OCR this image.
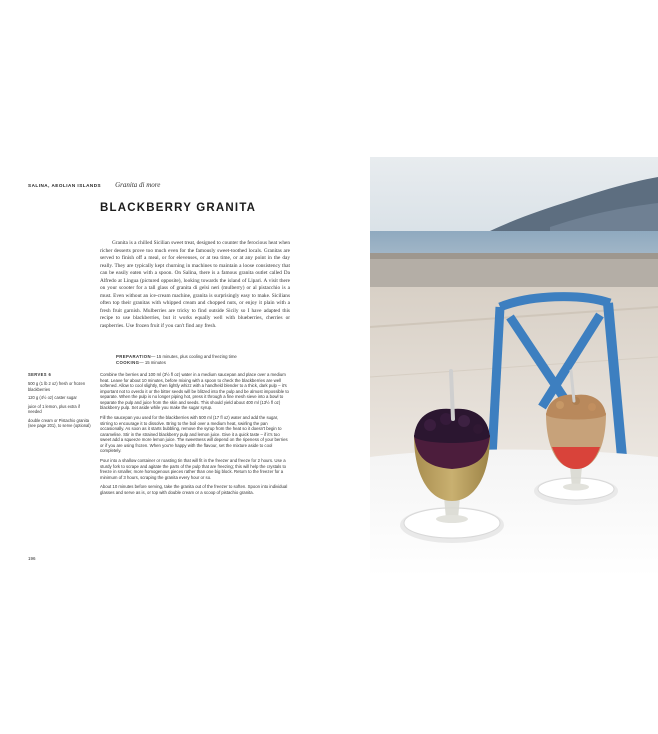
SALINA, AEOLIAN ISLANDS Granita di more
BLACKBERRY GRANITA

Granita is a chilled Sicilian sweet treat, designed to counter the ferocious heat when richer desserts prove too much even for the famously sweet-toothed locals. Granitas are served to finish off a meal, or for elevenses, or at tea time, or at any point in the day really. They are typically kept churning in machines to maintain a loose consistency that can be easily eaten with a spoon. On Salina, there is a famous granita outlet called Da Alfredo at Lingua (pictured opposite), looking towards the island of Lipari. A visit there on your scooter for a tall glass of granita di gelsi neri (mulberry) or al pistacchio is a must. Even without an ice-cream machine, granita is surprisingly easy to make. Sicilians often top their granitas with whipped cream and chopped nuts, or enjoy it plain with a fresh fruit garnish. Mulberries are tricky to find outside Sicily so I have adapted this recipe to use blackberries, but it works equally well with blueberries, cherries or raspberries. Use frozen fruit if you can't find any fresh.

PREPARATION— 15 minutes, plus cooling and freezing time
COOKING— 15 minutes
SERVES 6
500 g (1 lb 2 oz) fresh or frozen blackberries
120 g (4½ oz) caster sugar
juice of 1 lemon, plus extra if needed
double cream or Pistachio granita (see page 201), to serve (optional)

Combine the berries and 100 ml (3½ fl oz) water in a medium saucepan and place over a medium heat. Leave for about 10 minutes, before mixing with a spoon to check the blackberries are well softened. Allow to cool slightly, then lightly whizz with a handheld blender to a thick, dark pulp – it's important not to overdo it or the bitter seeds will be blitzed into the pulp and be almost impossible to separate. When the pulp is no longer piping hot, press it through a fine mesh sieve into a bowl to separate the pulp and juice from the skin and seeds. This should yield about 400 ml (13½ fl oz) blackberry pulp. Set aside while you make the sugar syrup.

Fill the saucepan you used for the blackberries with 500 ml (17 fl oz) water and add the sugar, stirring to encourage it to dissolve. Bring to the boil over a medium heat, swirling the pan occasionally. As soon as it starts bubbling, remove the syrup from the heat so it doesn't begin to caramelise. Stir in the strained blackberry pulp and lemon juice. Give it a quick taste – if it's too sweet add a squeeze more lemon juice. The sweetness will depend on the ripeness of your berries or if you are using frozen. When you're happy with the flavour, set the mixture aside to cool completely.

Pour into a shallow container or roasting tin that will fit in the freezer and freeze for 2 hours. Use a sturdy fork to scrape and agitate the parts of the pulp that are freezing; this will help the crystals to freeze in smaller, more homogenous pieces rather than one big block. Return to the freezer for a minimum of 3 hours, scraping the granita every hour or so.

About 10 minutes before serving, take the granita out of the freezer to soften. Spoon into individual glasses and serve as is, or top with double cream or a scoop of pistachio granita.

196
